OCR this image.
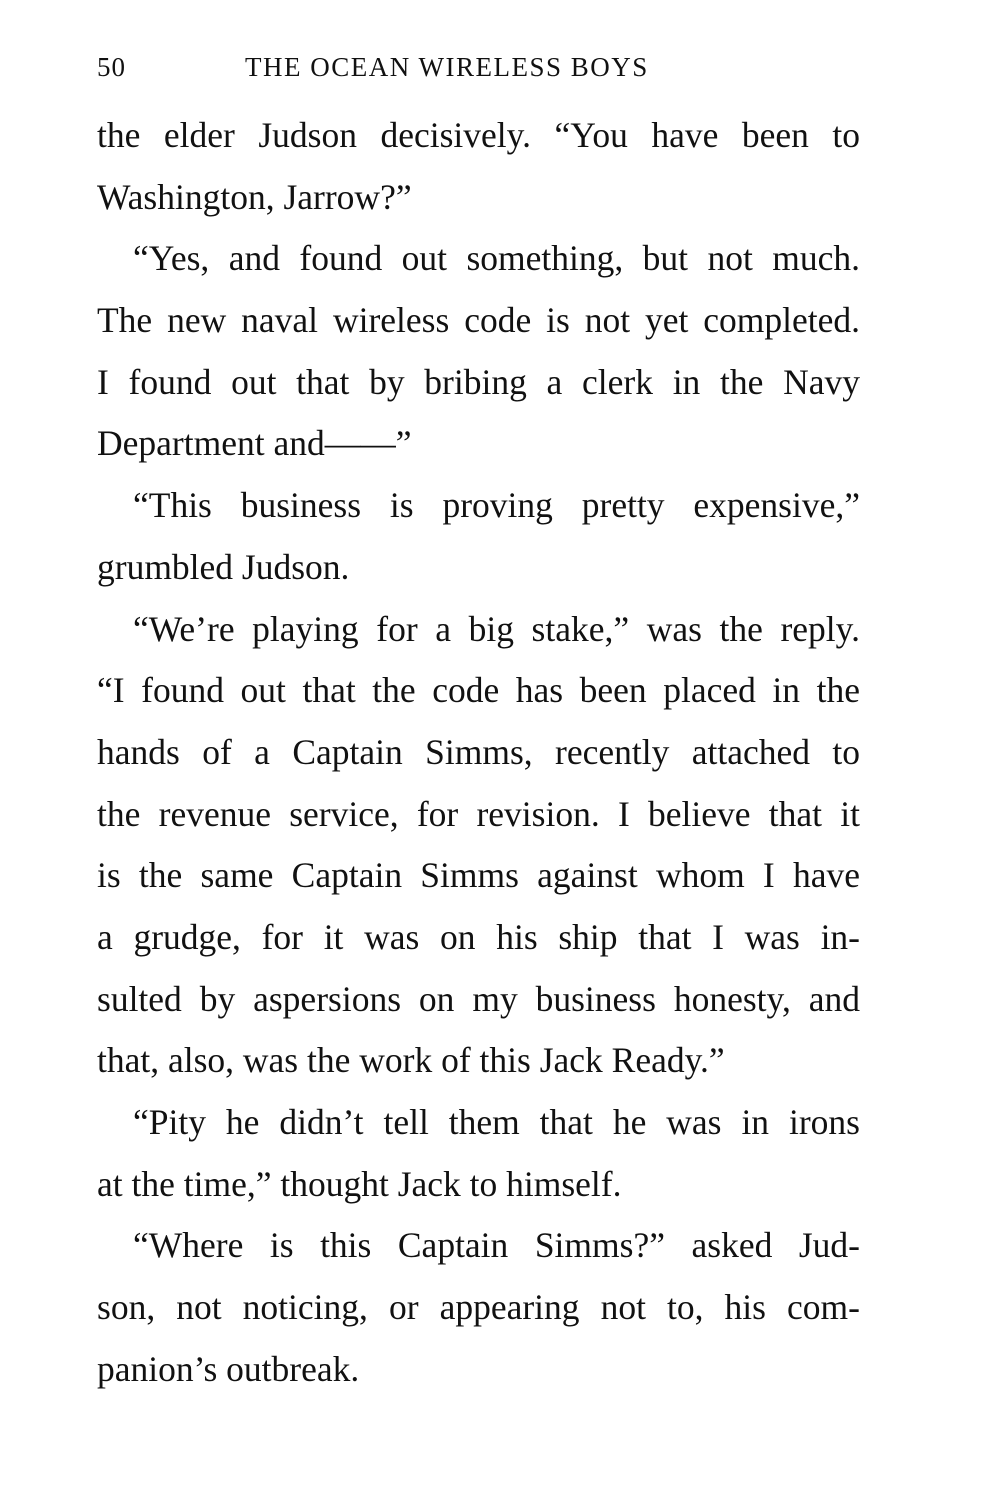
50	THE OCEAN WIRELESS BOYS
the elder Judson decisively. “You have been to
Washington, Jarrow?”
“Yes, and found out something, but not much.
The new naval wireless code is not yet completed.
I found out that by bribing a clerk in the Navy
Department and——”
“This business is proving pretty expensive,”
grumbled Judson.
“We’re playing for a big stake,” was the reply.
“I found out that the code has been placed in the
hands of a Captain Simms, recently attached to
the revenue service, for revision. I believe that it
is the same Captain Simms against whom I have
a grudge, for it was on his ship that I was in-
sulted by aspersions on my business honesty, and
that, also, was the work of this Jack Ready.”
“Pity he didn’t tell them that he was in irons
at the time,” thought Jack to himself.
“Where is this Captain Simms?” asked Jud-
son, not noticing, or appearing not to, his com-
panion’s outbreak.
